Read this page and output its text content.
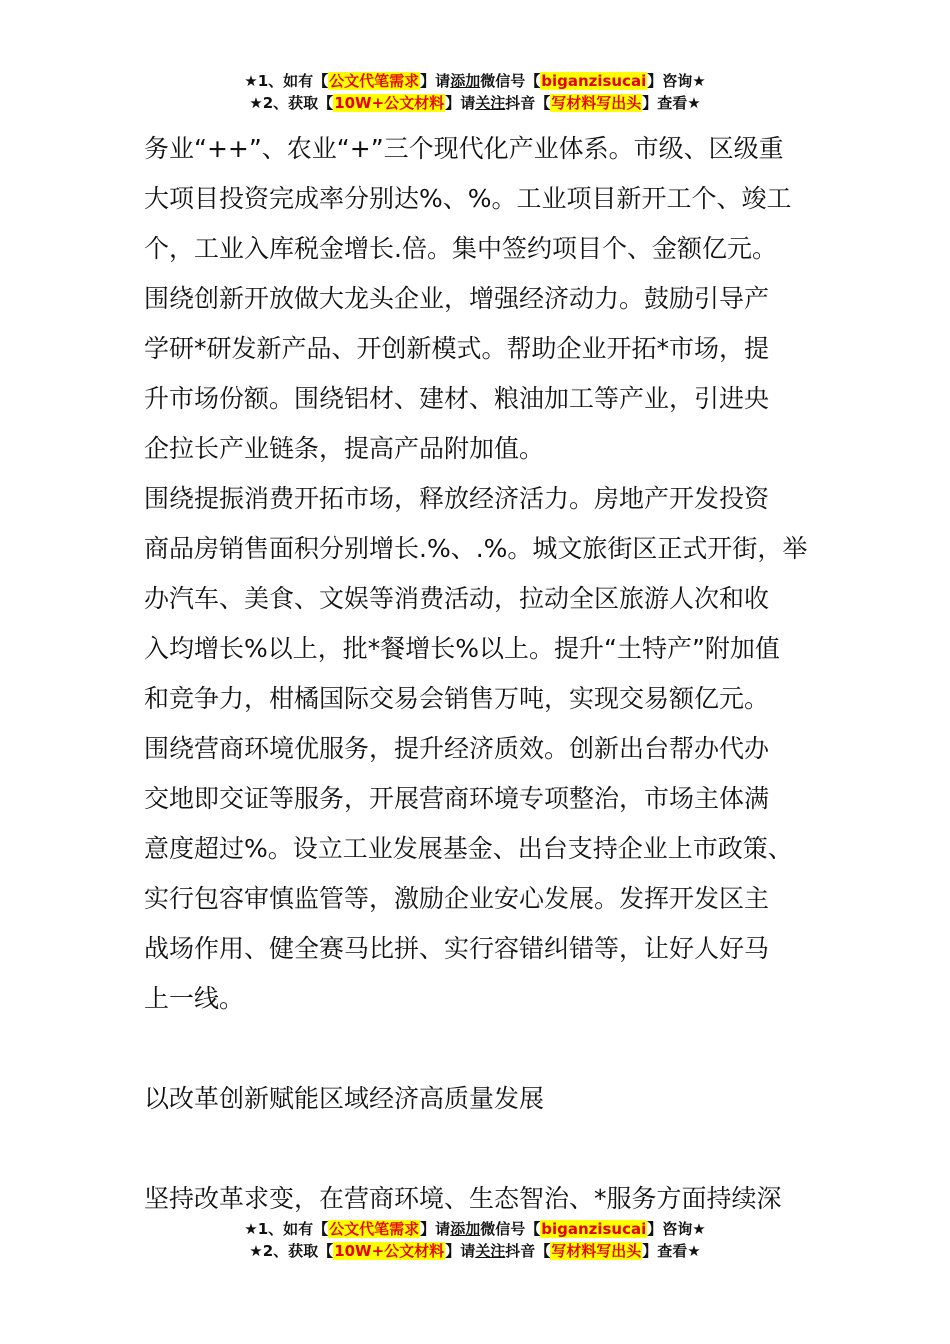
★1、如有【公文代笔需求】请添加微信号【biganzisucai】咨询★
★2、获取【10W+公文材料】请关注抖音【写材料写出头】查看★

务业“++”、农业“+”三个现代化产业体系。市级、区级重
大项目投资完成率分别达%、%。工业项目新开工个、竣工
个，工业入库税金增长.倍。集中签约项目个、金额亿元。

围绕创新开放做大龙头企业，增强经济动力。鼓励引导产
学研*研发新产品、开创新模式。帮助企业开拓*市场，提
升市场份额。围绕铝材、建材、粮油加工等产业，引进央
企拉长产业链条，提高产品附加值。

围绕提振消费开拓市场，释放经济活力。房地产开发投资
商品房销售面积分别增长.%、.%。城文旅街区正式开街，举
办汽车、美食、文娱等消费活动，拉动全区旅游人次和收
入均增长%以上，批*餐增长%以上。提升“土特产”附加值
和竞争力，柑橘国际交易会销售万吨，实现交易额亿元。

围绕营商环境优服务，提升经济质效。创新出台帮办代办
交地即交证等服务，开展营商环境专项整治，市场主体满
意度超过%。设立工业发展基金、出台支持企业上市政策、
实行包容审慎监管等，激励企业安心发展。发挥开发区主
战场作用、健全赛马比拼、实行容错纠错等，让好人好马
上一线。

以改革创新赋能区域经济高质量发展

坚持改革求变，在营商环境、生态智治、*服务方面持续深

★1、如有【公文代笔需求】请添加微信号【biganzisucai】咨询★
★2、获取【10W+公文材料】请关注抖音【写材料写出头】查看★
